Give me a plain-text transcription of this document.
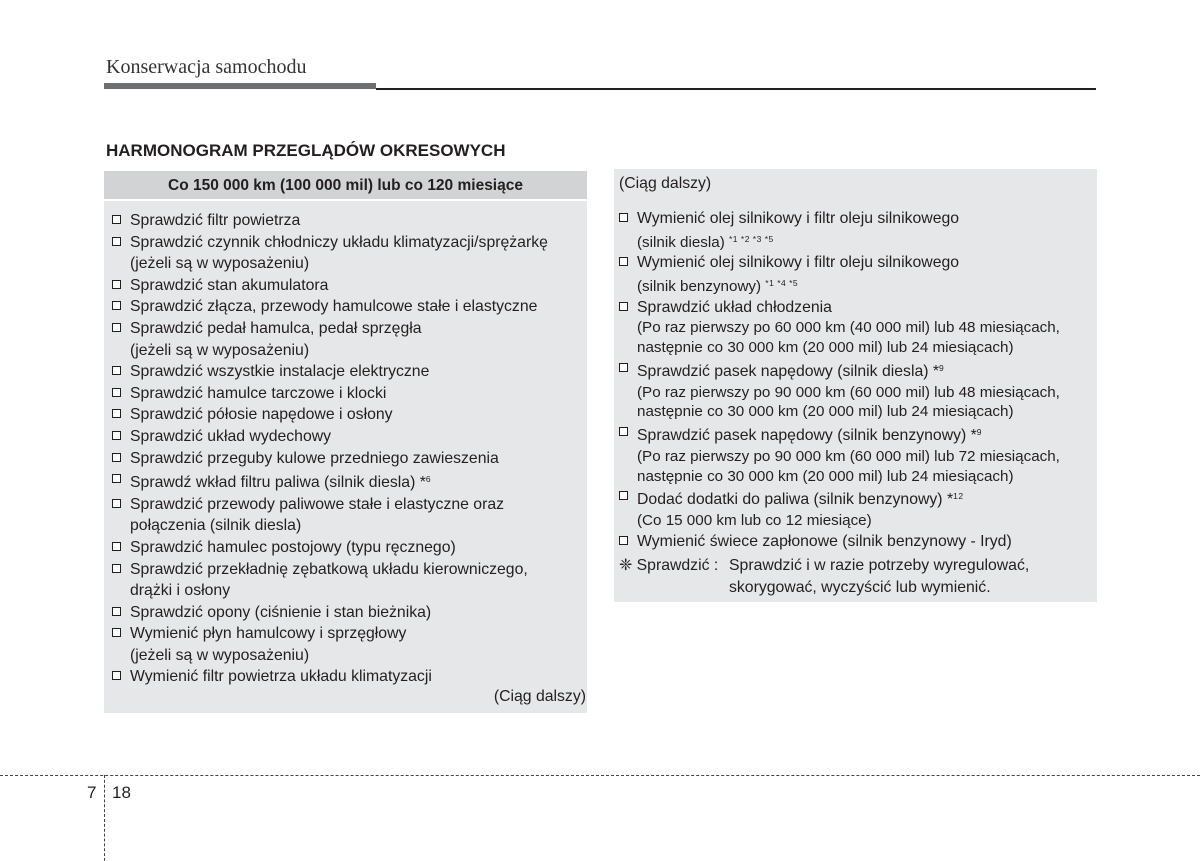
Konserwacja samochodu
HARMONOGRAM PRZEGLĄDÓW OKRESOWYCH
Co 150 000 km (100 000 mil) lub co 120 miesiące
Sprawdzić filtr powietrza
Sprawdzić czynnik chłodniczy układu klimatyzacji/sprężarkę
(jeżeli są w wyposażeniu)
Sprawdzić stan akumulatora
Sprawdzić złącza, przewody hamulcowe stałe i elastyczne
Sprawdzić pedał hamulca, pedał sprzęgła
(jeżeli są w wyposażeniu)
Sprawdzić wszystkie instalacje elektryczne
Sprawdzić hamulce tarczowe i klocki
Sprawdzić półosie napędowe i osłony
Sprawdzić układ wydechowy
Sprawdzić przeguby kulowe przedniego zawieszenia
Sprawdź wkład filtru paliwa (silnik diesla) *$^6$
Sprawdzić przewody paliwowe stałe i elastyczne oraz
połączenia (silnik diesla)
Sprawdzić hamulec postojowy (typu ręcznego)
Sprawdzić przekładnię zębatkową układu kierowniczego,
drążki i osłony
Sprawdzić opony (ciśnienie i stan bieżnika)
Wymienić płyn hamulcowy i sprzęgłowy
(jeżeli są w wyposażeniu)
Wymienić filtr powietrza układu klimatyzacji
(Ciąg dalszy)
(Ciąg dalszy)
Wymienić olej silnikowy i filtr oleju silnikowego
(silnik diesla) $^{*1 *2 *3 *5}$
Wymienić olej silnikowy i filtr oleju silnikowego
(silnik benzynowy) $^{*1 *4 *5}$
Sprawdzić układ chłodzenia
(Po raz pierwszy po 60 000 km (40 000 mil) lub 48 miesiącach,
następnie co 30 000 km (20 000 mil) lub 24 miesiącach)
Sprawdzić pasek napędowy (silnik diesla) *$^9$
(Po raz pierwszy po 90 000 km (60 000 mil) lub 48 miesiącach,
następnie co 30 000 km (20 000 mil) lub 24 miesiącach)
Sprawdzić pasek napędowy (silnik benzynowy) *$^9$
(Po raz pierwszy po 90 000 km (60 000 mil) lub 72 miesiącach,
następnie co 30 000 km (20 000 mil) lub 24 miesiącach)
Dodać dodatki do paliwa (silnik benzynowy) *$^{12}$
(Co 15 000 km lub co 12 miesiące)
Wymienić świece zapłonowe (silnik benzynowy - Iryd)
❈ Sprawdzić : Sprawdzić i w razie potrzeby wyregulować,
skorygować, wyczyścić lub wymienić.
7 18
